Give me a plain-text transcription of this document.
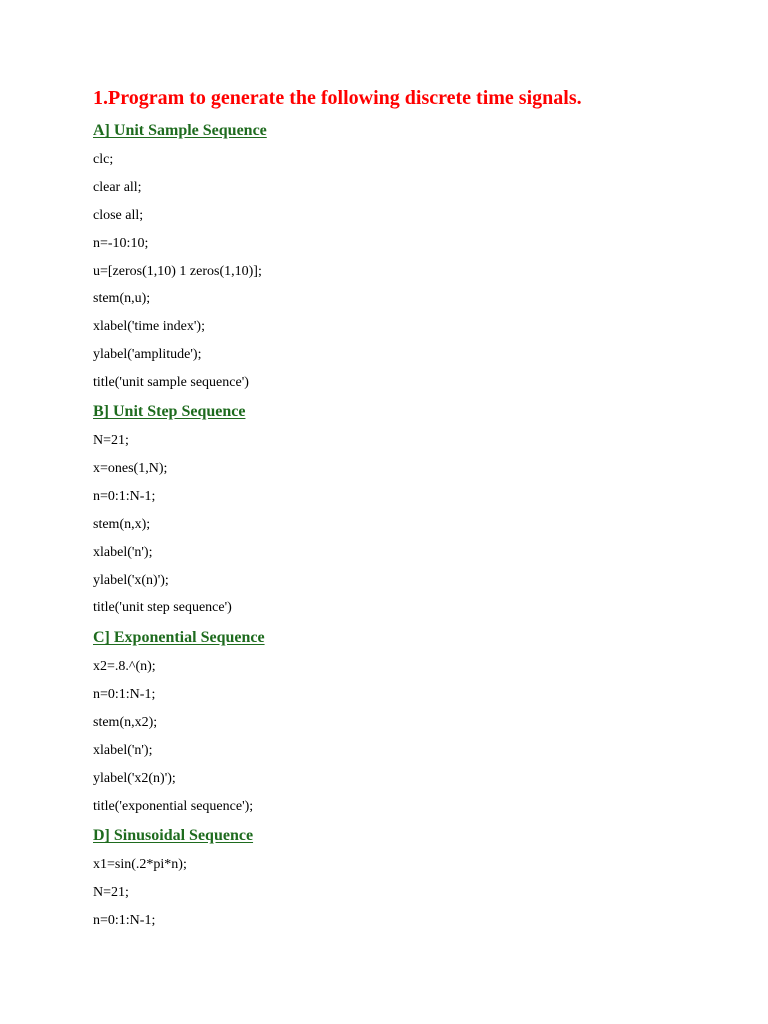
1.Program to generate the following discrete time signals.
A] Unit Sample Sequence

clc;

clear all;

close all;

n=-10:10;

u=[zeros(1,10) 1 zeros(1,10)];

stem(n,u);

xlabel('time index');

ylabel('amplitude');

title('unit sample sequence')

B] Unit Step Sequence

N=21;

x=ones(1,N);

n=0:1:N-1;

stem(n,x);

xlabel('n');

ylabel('x(n)');

title('unit step sequence')

C] Exponential Sequence

x2=.8.^(n);

n=0:1:N-1;

stem(n,x2);

xlabel('n');

ylabel('x2(n)');

title('exponential sequence');

D] Sinusoidal Sequence

x1=sin(.2*pi*n);

N=21;

n=0:1:N-1;
